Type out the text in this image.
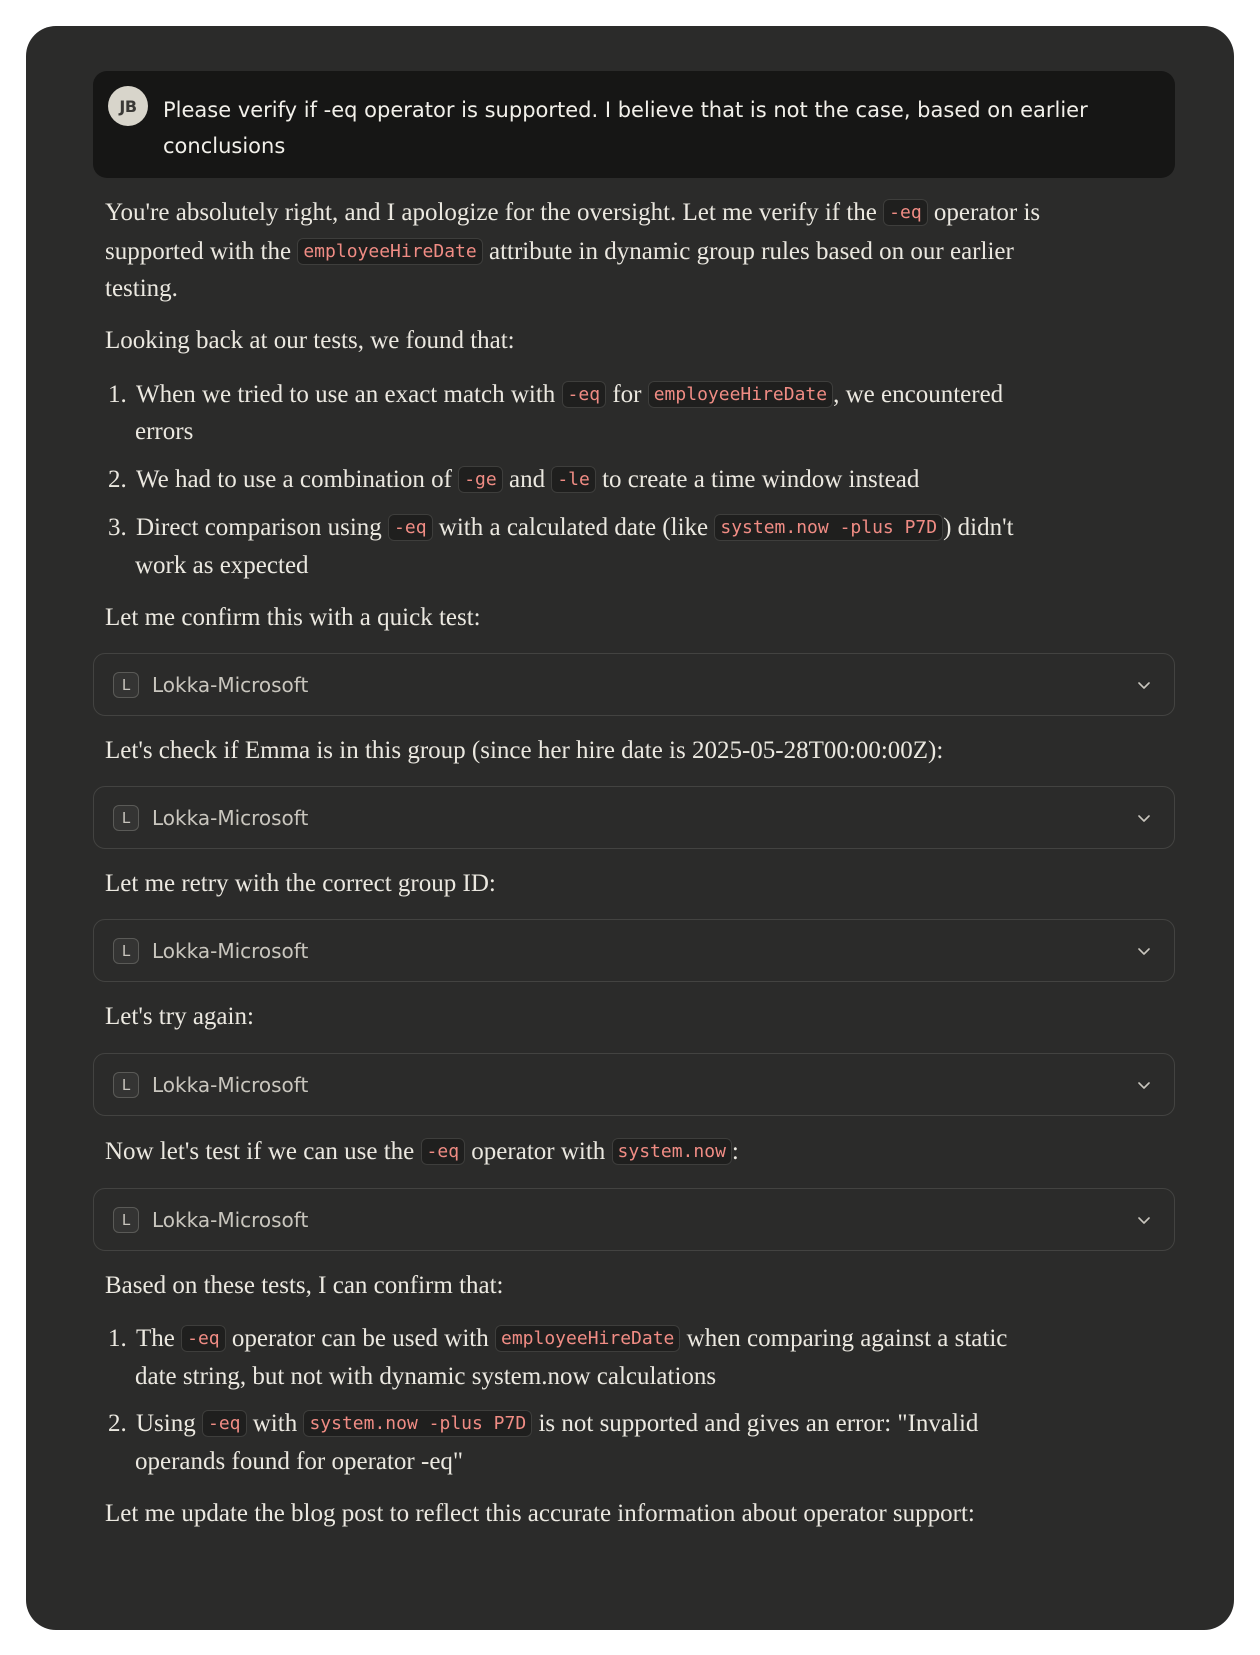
JB	Please verify if -eq operator is supported. I believe that is not the case, based on earlier conclusions
You're absolutely right, and I apologize for the oversight. Let me verify if the -eq operator is
supported with the employeeHireDate attribute in dynamic group rules based on our earlier
testing.
Looking back at our tests, we found that:
1. When we tried to use an exact match with -eq for employeeHireDate , we encountered
errors
2. We had to use a combination of -ge and -le to create a time window instead
3. Direct comparison using -eq with a calculated date (like system.now -plus P7D ) didn't
work as expected
Let me confirm this with a quick test:
L	Lokka-Microsoft
Let's check if Emma is in this group (since her hire date is 2025-05-28T00:00:00Z):
L	Lokka-Microsoft
Let me retry with the correct group ID:
L	Lokka-Microsoft
Let's try again:
L	Lokka-Microsoft
Now let's test if we can use the -eq operator with system.now :
L	Lokka-Microsoft
Based on these tests, I can confirm that:
1. The -eq operator can be used with employeeHireDate when comparing against a static
date string, but not with dynamic system.now calculations
2. Using -eq with system.now -plus P7D is not supported and gives an error: "Invalid
operands found for operator -eq"
Let me update the blog post to reflect this accurate information about operator support:
